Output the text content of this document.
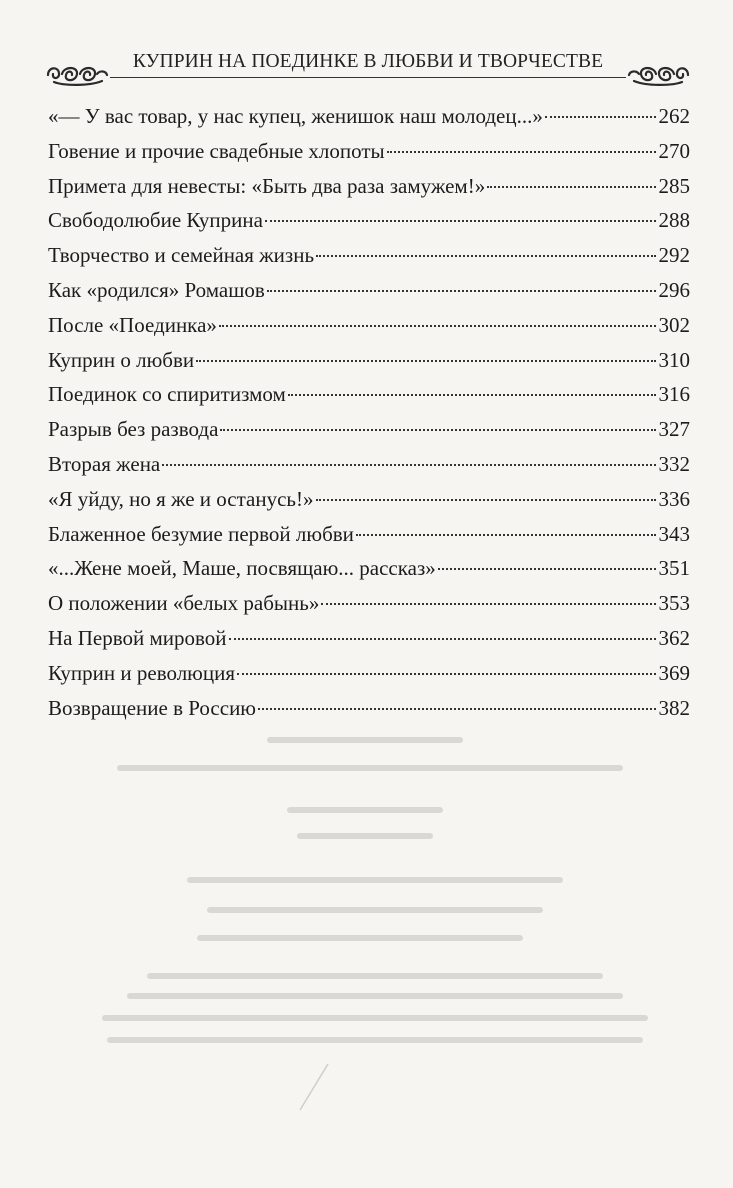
КУПРИН НА ПОЕДИНКЕ В ЛЮБВИ И ТВОРЧЕСТВЕ
«— У вас товар, у нас купец, женишок наш молодец...»	262
Говение и прочие свадебные хлопоты	270
Примета для невесты: «Быть два раза замужем!»	285
Свободолюбие Куприна	288
Творчество и семейная жизнь	292
Как «родился» Ромашов	296
После «Поединка»	302
Куприн о любви	310
Поединок со спиритизмом	316
Разрыв без развода	327
Вторая жена	332
«Я уйду, но я же и останусь!»	336
Блаженное безумие первой любви	343
«...Жене моей, Маше, посвящаю... рассказ»	351
О положении «белых рабынь»	353
На Первой мировой	362
Куприн и революция	369
Возвращение в Россию	382
